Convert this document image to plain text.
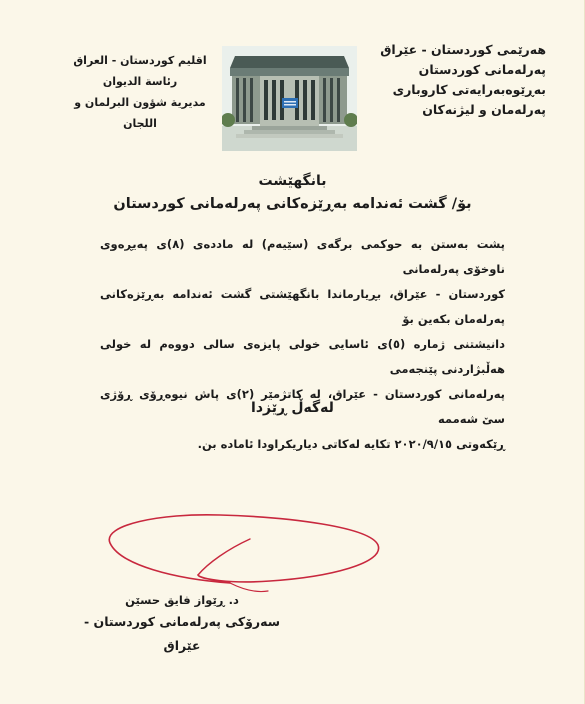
هەرێمی کوردستان - عێراق
پەرلەمانی کوردستان
بەڕێوەبەرایەتی کاروباری
پەرلەمان و لیژنەکان
اقليم كوردستان - العراق
رئاسة الديوان
مديرية شؤون البرلمان و اللجان
بانگهێشت
بۆ/ گشت ئەندامە بەڕێزەکانی پەرلەمانی کوردستان
پشت بەستن بە حوکمی برگەی (سێیەم) لە ماددەی (٨)ی پەیڕەوی ناوخۆی پەرلەمانی
کوردستان - عێراق، بڕیارماندا بانگهێشتی گشت ئەندامە بەڕێزەکانی پەرلەمان بکەین بۆ
دانیشتنی ژمارە (٥)ی ئاسایی خولی پایزەی سالی دووەم لە خولی هەڵبژاردنی پێنجەمی
پەرلەمانی کوردستان - عێراق، لە کاتژمێر (٢)ی پاش نیوەڕۆی ڕۆژی سێ شەممە
ڕێکەوتی ٢٠٢٠/٩/١٥ تکایە لەکاتی دیاریکراودا ئامادە بن.
لەگەڵ ڕێزدا
د. ڕێواز فایق حسێن
سەرۆکی پەرلەمانی کوردستان - عێراق
